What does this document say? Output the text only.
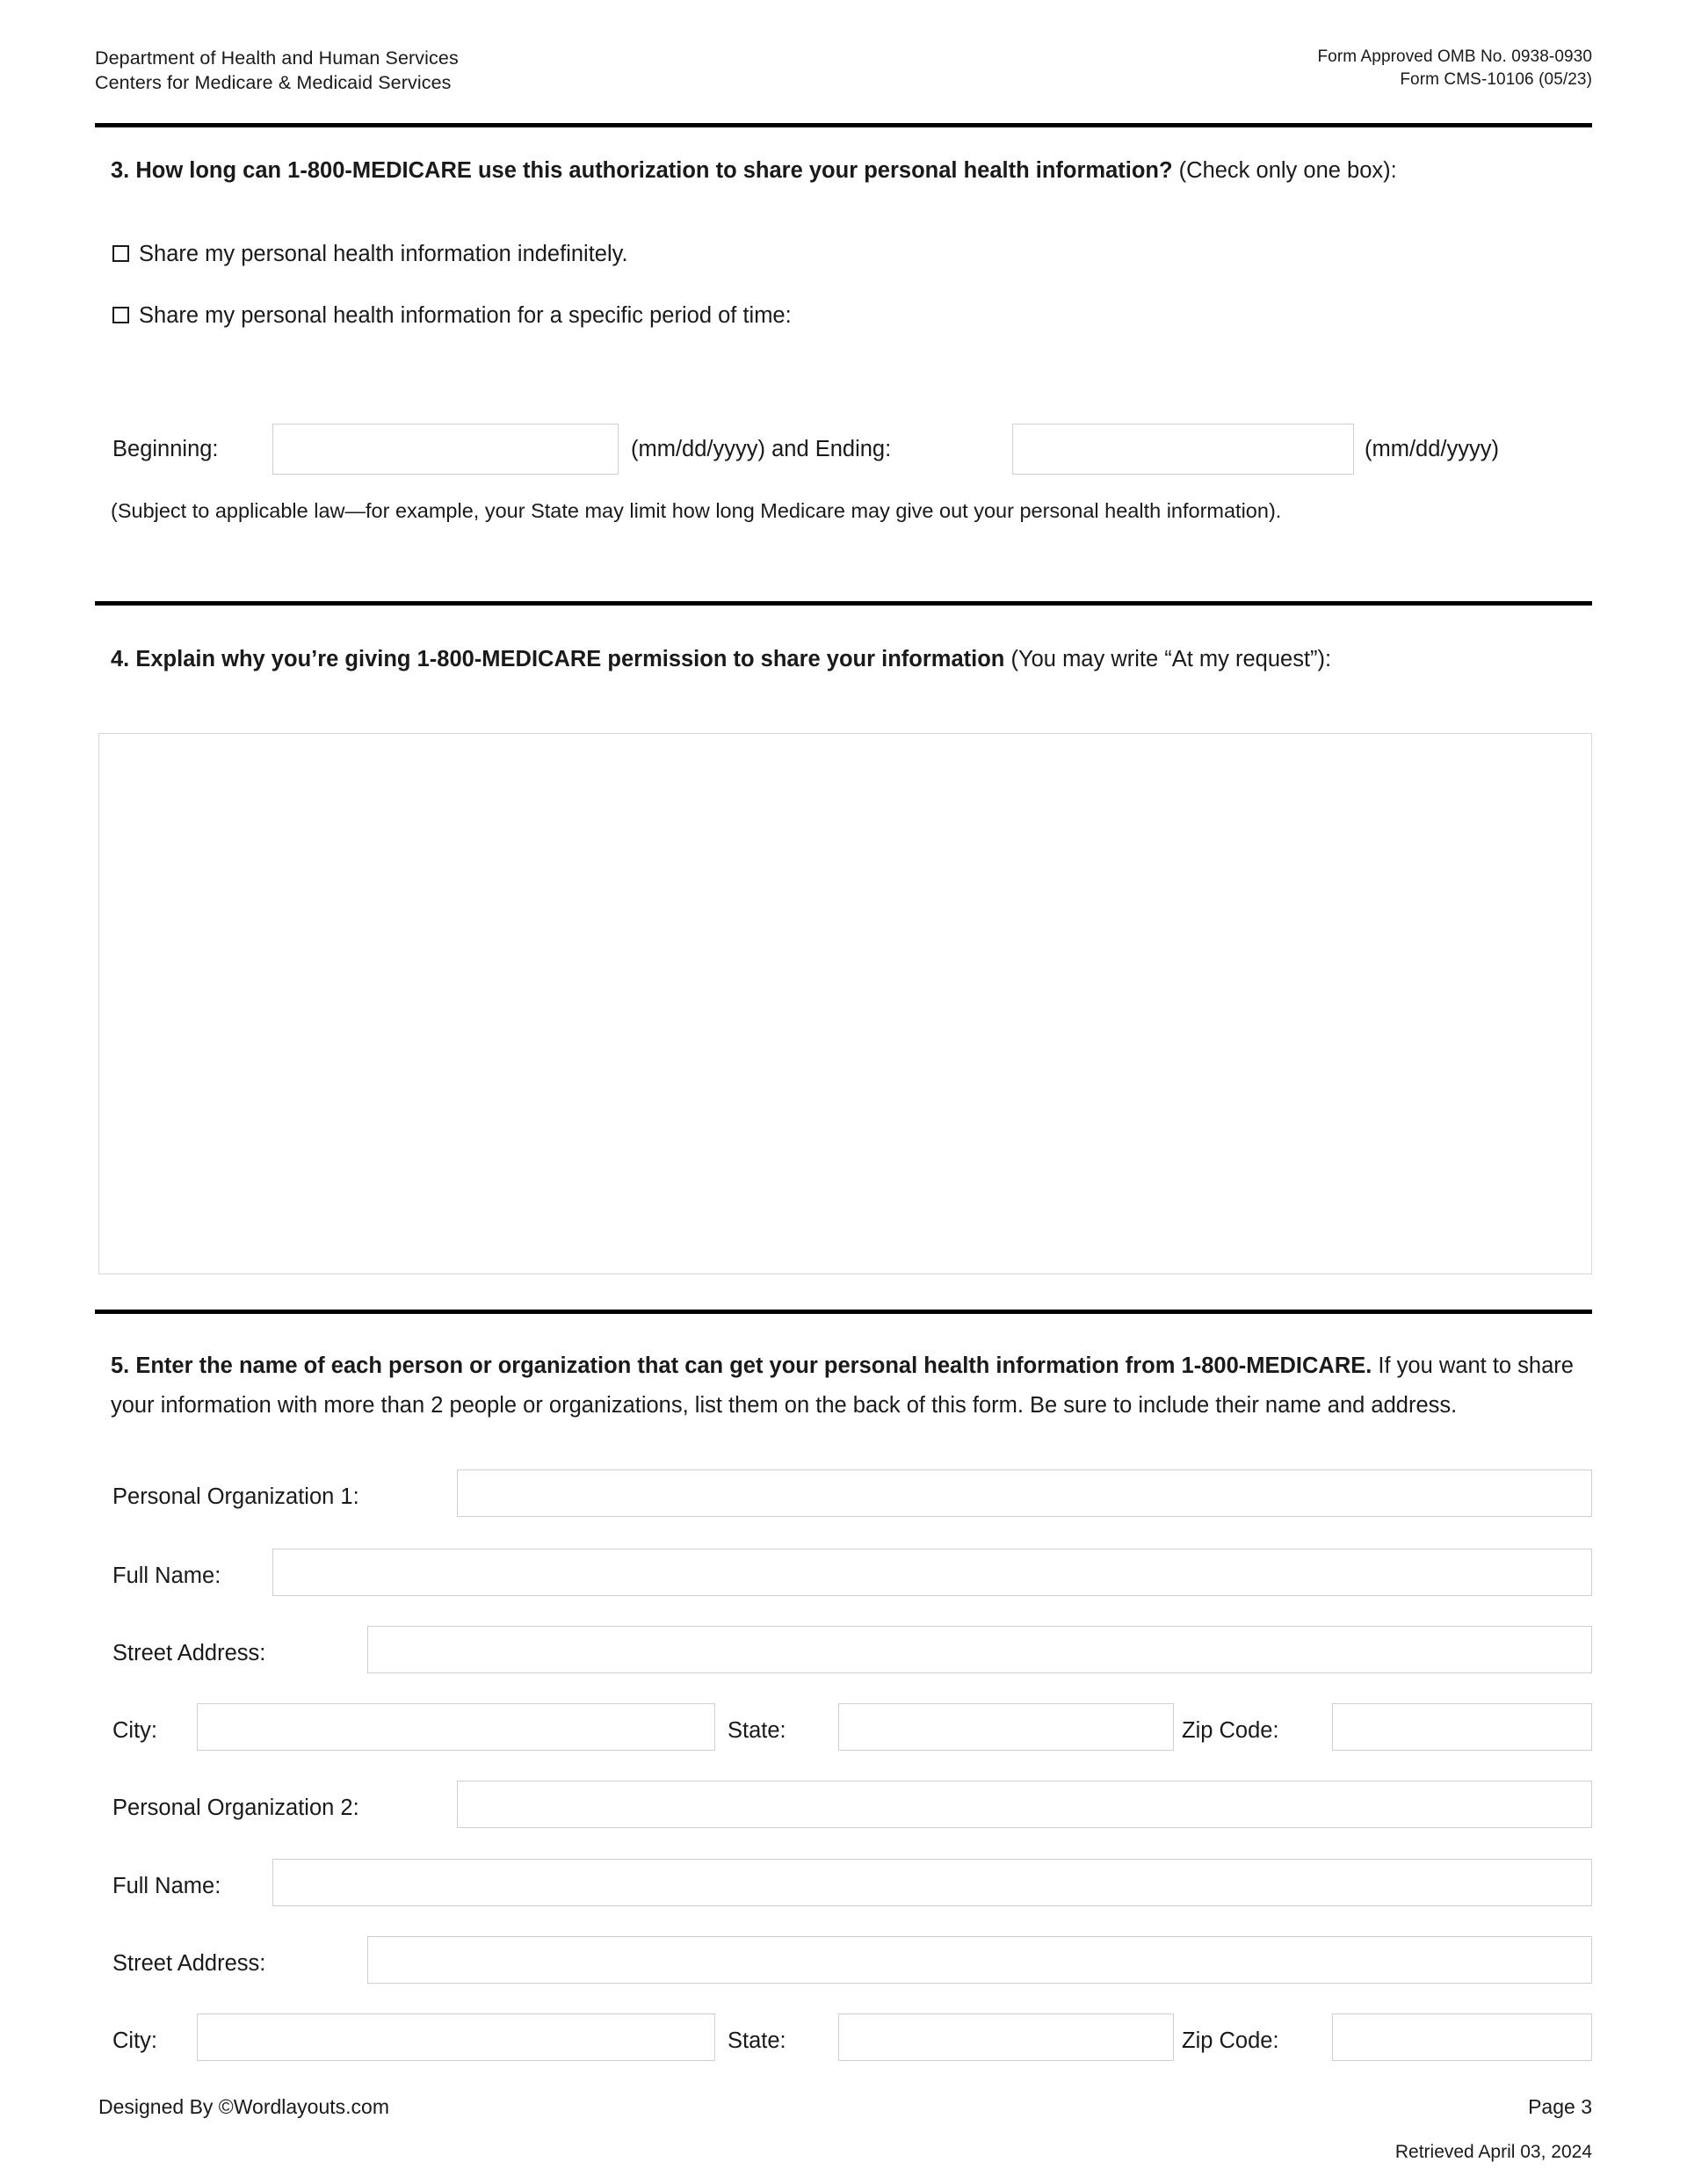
Department of Health and Human Services
Centers for Medicare & Medicaid Services
Form Approved OMB No. 0938-0930
Form CMS-10106 (05/23)
3. How long can 1-800-MEDICARE use this authorization to share your personal health information? (Check only one box):
Share my personal health information indefinitely.
Share my personal health information for a specific period of time:
Beginning:	(mm/dd/yyyy) and Ending:	(mm/dd/yyyy)
(Subject to applicable law—for example, your State may limit how long Medicare may give out your personal health information).
4. Explain why you’re giving 1-800-MEDICARE permission to share your information (You may write “At my request”):
5. Enter the name of each person or organization that can get your personal health information from 1-800-MEDICARE. If you want to share your information with more than 2 people or organizations, list them on the back of this form. Be sure to include their name and address.
Personal Organization 1:
Full Name:
Street Address:
City:	State:	Zip Code:
Personal Organization 2:
Full Name:
Street Address:
City:	State:	Zip Code:
Designed By ©Wordlayouts.com	Page 3
Retrieved April 03, 2024
